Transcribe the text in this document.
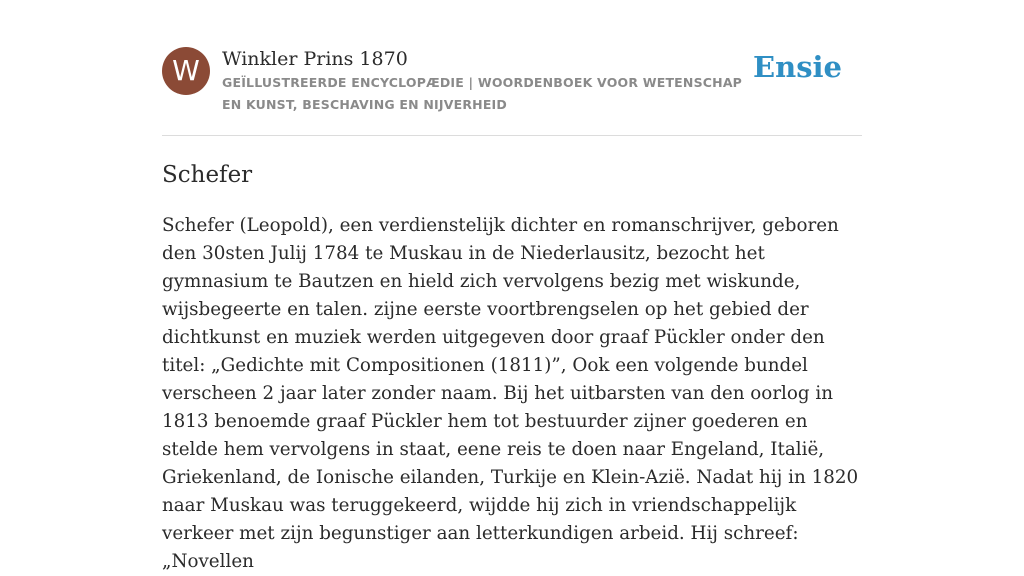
W	Winkler Prins 1870
GEÏLLUSTREERDE ENCYCLOPÆDIE | WOORDENBOEK VOOR WETENSCHAP EN KUNST, BESCHAVING EN NIJVERHEID
Ensie
Schefer

Schefer (Leopold), een verdienstelijk dichter en romanschrijver, geboren den 30sten Julij 1784 te Muskau in de Niederlausitz, bezocht het gymnasium te Bautzen en hield zich vervolgens bezig met wiskunde, wijsbegeerte en talen. zijne eerste voortbrengselen op het gebied der dichtkunst en muziek werden uitgegeven door graaf Pückler onder den titel: „Gedichte mit Compositionen (1811)”, Ook een volgende bundel verscheen 2 jaar later zonder naam. Bij het uitbarsten van den oorlog in 1813 benoemde graaf Pückler hem tot bestuurder zijner goederen en stelde hem vervolgens in staat, eene reis te doen naar Engeland, Italië, Griekenland, de Ionische eilanden, Turkije en Klein-Azië. Nadat hij in 1820 naar Muskau was teruggekeerd, wijdde hij zich in vriendschappelijk verkeer met zijn begunstiger aan letterkundigen arbeid. Hij schreef: „Novellen
